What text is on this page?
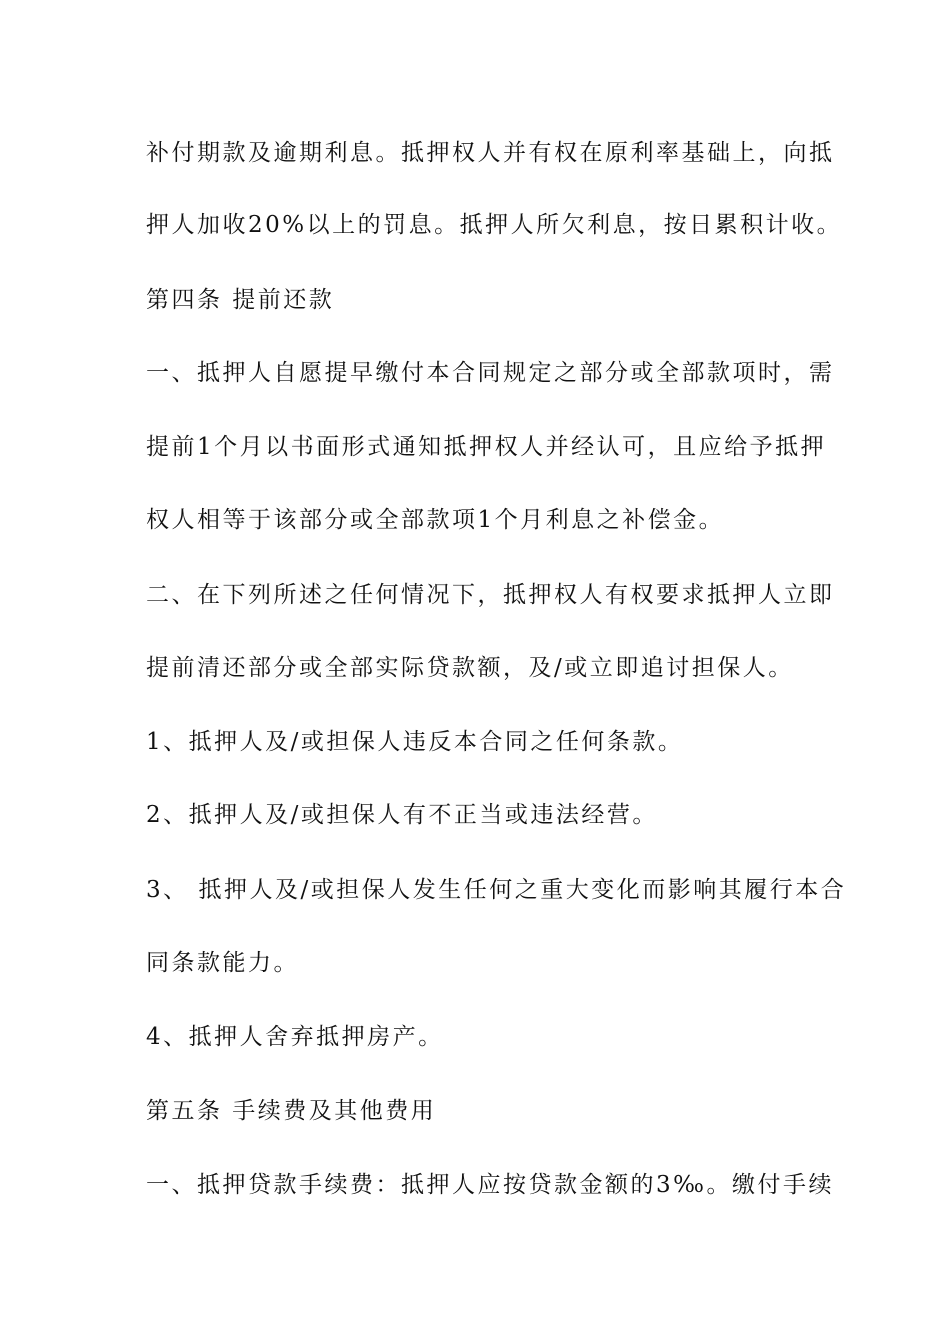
补付期款及逾期利息。抵押权人并有权在原利率基础上，向抵
押人加收20%以上的罚息。抵押人所欠利息，按日累积计收。
第四条 提前还款
一、抵押人自愿提早缴付本合同规定之部分或全部款项时，需
提前1个月以书面形式通知抵押权人并经认可，且应给予抵押
权人相等于该部分或全部款项1个月利息之补偿金。
二、在下列所述之任何情况下，抵押权人有权要求抵押人立即
提前清还部分或全部实际贷款额，及/或立即追讨担保人。
1、抵押人及/或担保人违反本合同之任何条款。
2、抵押人及/或担保人有不正当或违法经营。
3、 抵押人及/或担保人发生任何之重大变化而影响其履行本合
同条款能力。
4、抵押人舍弃抵押房产。
第五条 手续费及其他费用
一、抵押贷款手续费：抵押人应按贷款金额的3‰。缴付手续
